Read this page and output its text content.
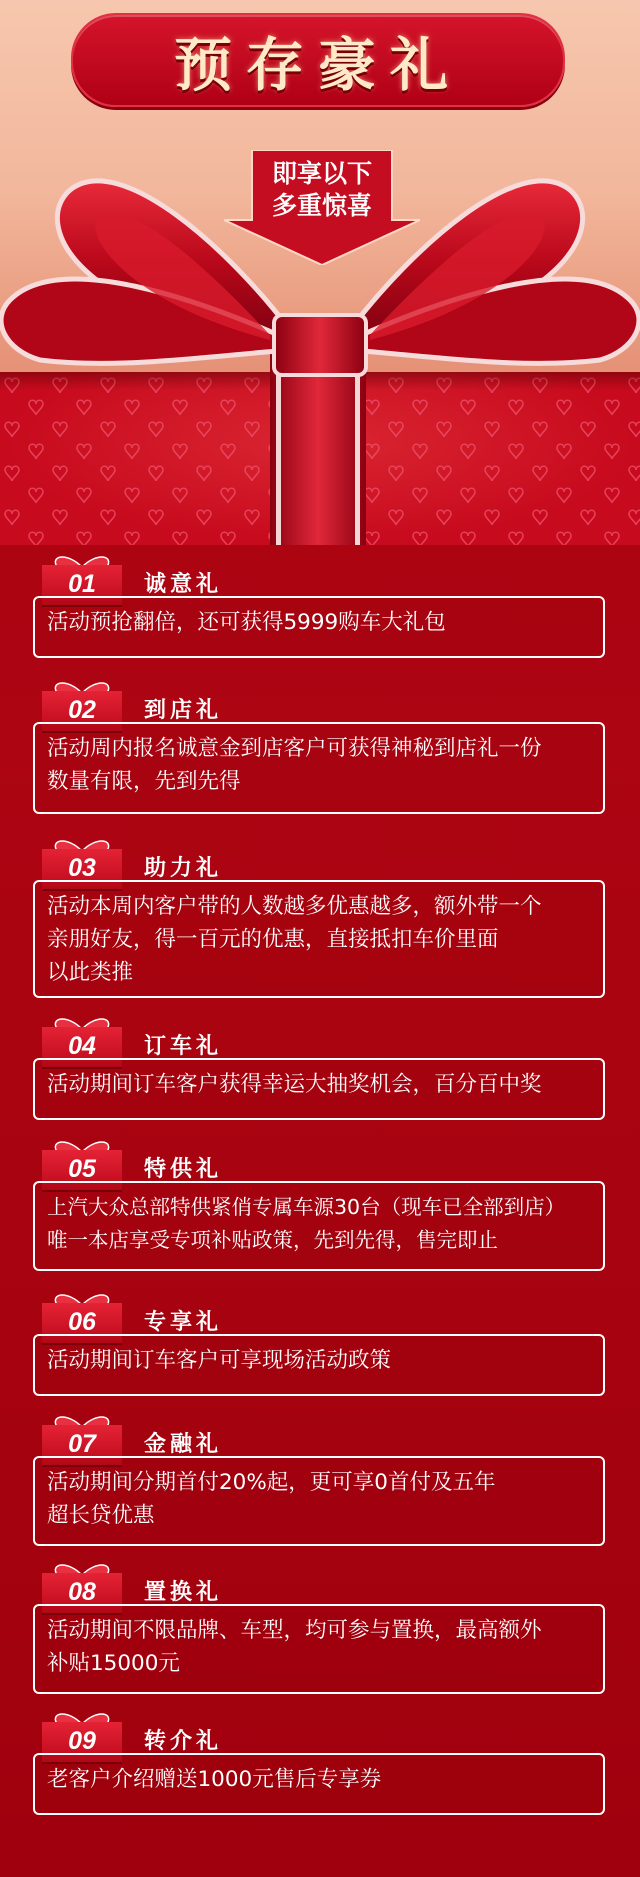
预存豪礼
即享以下
多重惊喜
01	诚意礼
活动预抢翻倍，还可获得5999购车大礼包
02	到店礼
活动周内报名诚意金到店客户可获得神秘到店礼一份
数量有限，先到先得
03	助力礼
活动本周内客户带的人数越多优惠越多，额外带一个
亲朋好友，得一百元的优惠，直接抵扣车价里面
以此类推
04	订车礼
活动期间订车客户获得幸运大抽奖机会，百分百中奖
05	特供礼
上汽大众总部特供紧俏专属车源30台（现车已全部到店）
唯一本店享受专项补贴政策，先到先得，售完即止
06	专享礼
活动期间订车客户可享现场活动政策
07	金融礼
活动期间分期首付20%起，更可享0首付及五年
超长贷优惠
08	置换礼
活动期间不限品牌、车型，均可参与置换，最高额外
补贴15000元
09	转介礼
老客户介绍赠送1000元售后专享券
